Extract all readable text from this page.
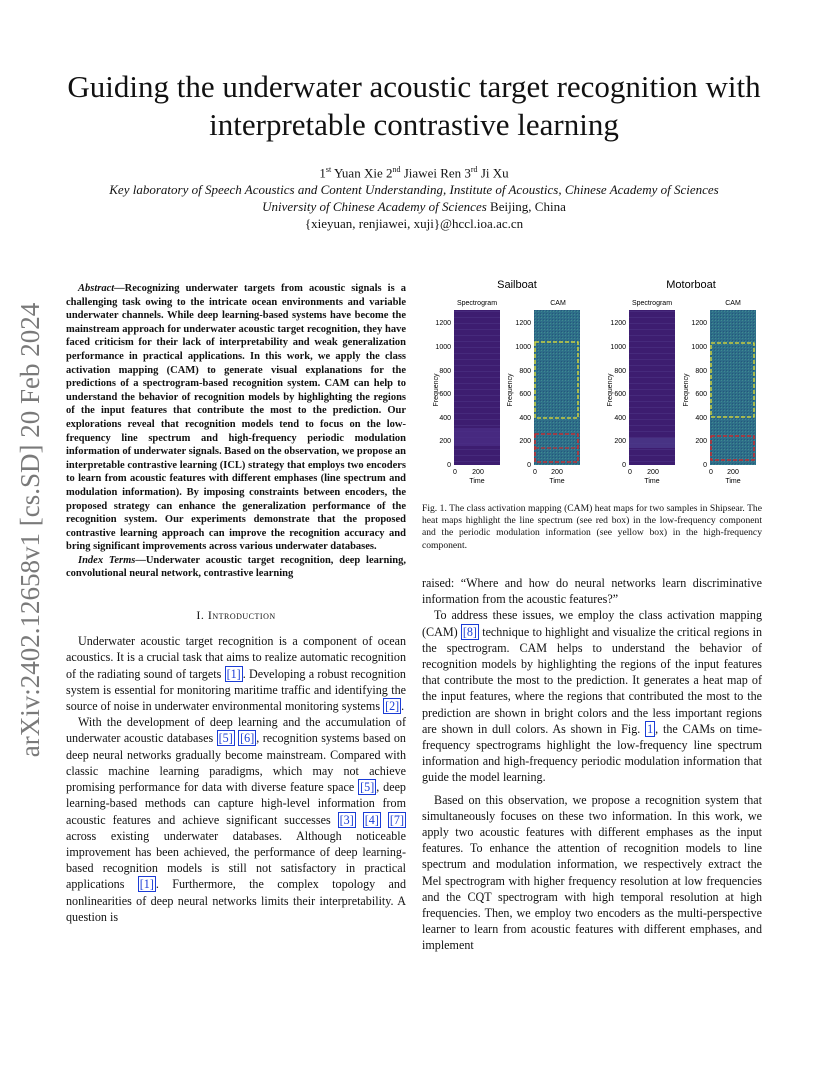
arXiv:2402.12658v1 [cs.SD] 20 Feb 2024
Guiding the underwater acoustic target recognition with interpretable contrastive learning
1st Yuan Xie 2nd Jiawei Ren 3rd Ji Xu
Key laboratory of Speech Acoustics and Content Understanding, Institute of Acoustics, Chinese Academy of Sciences
University of Chinese Academy of Sciences Beijing, China
{xieyuan, renjiawei, xuji}@hccl.ioa.ac.cn

Abstract—Recognizing underwater targets from acoustic signals is a challenging task owing to the intricate ocean environments and variable underwater channels. While deep learning-based systems have become the mainstream approach for underwater acoustic target recognition, they have faced criticism for their lack of interpretability and weak generalization performance in practical applications. In this work, we apply the class activation mapping (CAM) to generate visual explanations for the predictions of a spectrogram-based recognition system. CAM can help to understand the behavior of recognition models by highlighting the regions of the input features that contribute the most to the prediction. Our explorations reveal that recognition models tend to focus on the low-frequency line spectrum and high-frequency periodic modulation information of underwater signals. Based on the observation, we propose an interpretable contrastive learning (ICL) strategy that employs two encoders to learn from acoustic features with different emphases (line spectrum and modulation information). By imposing constraints between encoders, the proposed strategy can enhance the generalization performance of the recognition system. Our experiments demonstrate that the proposed contrastive learning approach can improve the recognition accuracy and bring significant improvements across various underwater databases.

Index Terms—Underwater acoustic target recognition, deep learning, convolutional neural network, contrastive learning

I. Introduction

Underwater acoustic target recognition is a component of ocean acoustics. It is a crucial task that aims to realize automatic recognition of the radiating sound of targets [1] . Developing a robust recognition system is essential for monitoring maritime traffic and identifying the source of noise in underwater environmental monitoring systems [2] .

With the development of deep learning and the accumulation of underwater acoustic databases [5] [6] , recognition systems based on deep neural networks gradually become mainstream. Compared with classic machine learning paradigms, which may not achieve promising performance for data with diverse feature space [5] , deep learning-based methods can capture high-level information from acoustic features and achieve significant successes [3] [4] [7] across existing underwater databases. Although noticeable improvement has been achieved, the performance of deep learning-based recognition models is still not satisfactory in practical applications [1] . Furthermore, the complex topology and nonlinearities of deep neural networks limits their interpretability. A question is

Sailboat	Motorboat
Spectrogram
Frequency
1200
1000
800
600
400
200
0
0 200
Time
CAM
Frequency
1200
1000
800
600
400
200
0
0 200
Time
Spectrogram
Frequency
1200
1000
800
600
400
200
0
0 200
Time
CAM
Frequency
1200
1000
800
600
400
200
0
0 200
Time
Fig. 1. The class activation mapping (CAM) heat maps for two samples in Shipsear. The heat maps highlight the line spectrum (see red box) in the low-frequency component and the periodic modulation information (see yellow box) in the high-frequency component.

raised: “Where and how do neural networks learn discriminative information from the acoustic features?”

To address these issues, we employ the class activation mapping (CAM) [8] technique to highlight and visualize the critical regions in the spectrogram. CAM helps to understand the behavior of recognition models by highlighting the regions of the input features that contribute the most to the prediction. It generates a heat map of the input features, where the regions that contributed the most to the prediction are shown in bright colors and the less important regions are shown in dull colors. As shown in Fig. 1 , the CAMs on time-frequency spectrograms highlight the low-frequency line spectrum information and high-frequency periodic modulation information that guide the model learning.

Based on this observation, we propose a recognition system that simultaneously focuses on these two information. In this work, we apply two acoustic features with different emphases as the input features. To enhance the attention of recognition models to line spectrum and modulation information, we respectively extract the Mel spectrogram with higher frequency resolution at low frequencies and the CQT spectrogram with high temporal resolution at high frequencies. Then, we employ two encoders as the multi-perspective learner to learn from acoustic features with different emphases, and implement
